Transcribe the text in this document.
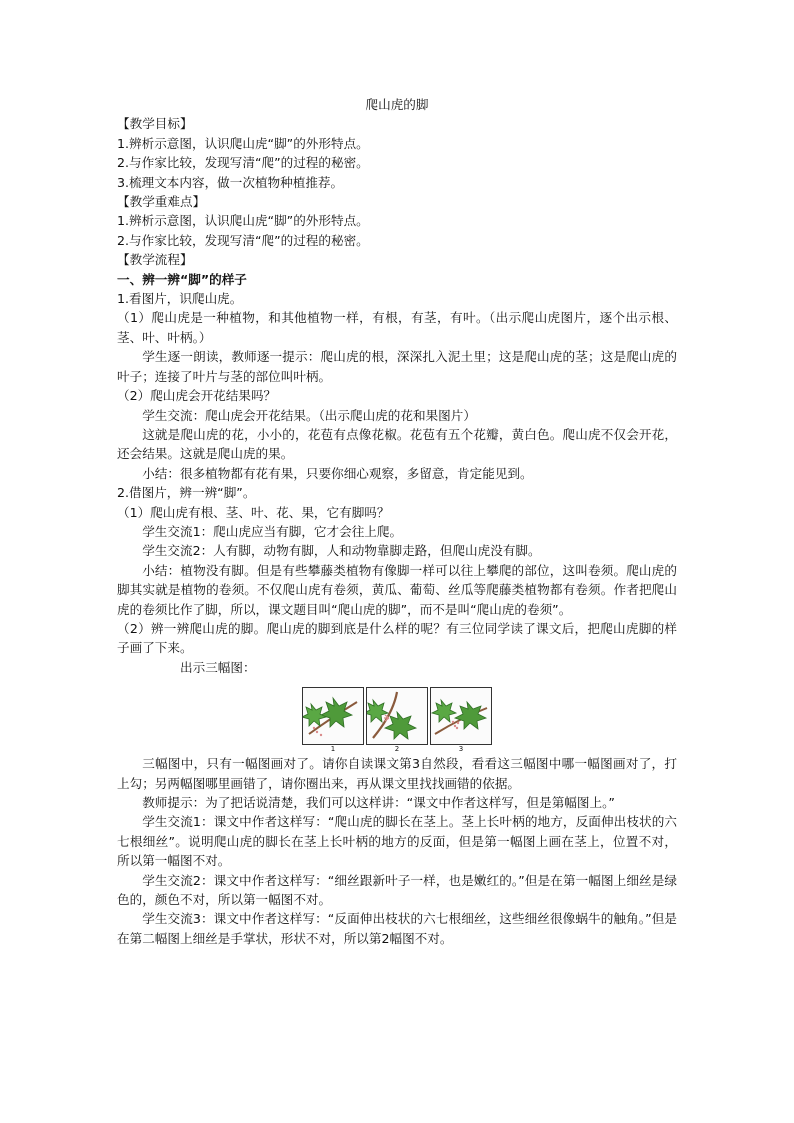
爬山虎的脚

【教学目标】

1.辨析示意图，认识爬山虎“脚”的外形特点。

2.与作家比较，发现写清“爬”的过程的秘密。

3.梳理文本内容，做一次植物种植推荐。

【教学重难点】

1.辨析示意图，认识爬山虎“脚”的外形特点。

2.与作家比较，发现写清“爬”的过程的秘密。

【教学流程】

一、辨一辨“脚”的样子

1.看图片，识爬山虎。

（1）爬山虎是一种植物，和其他植物一样，有根，有茎，有叶。（出示爬山虎图片，逐个出示根、茎、叶、叶柄。）

学生逐一朗读，教师逐一提示：爬山虎的根，深深扎入泥土里；这是爬山虎的茎；这是爬山虎的叶子；连接了叶片与茎的部位叫叶柄。

（2）爬山虎会开花结果吗？

学生交流：爬山虎会开花结果。（出示爬山虎的花和果图片）

这就是爬山虎的花，小小的，花苞有点像花椒。花苞有五个花瓣，黄白色。爬山虎不仅会开花，还会结果。这就是爬山虎的果。

小结：很多植物都有花有果，只要你细心观察，多留意，肯定能见到。

2.借图片，辨一辨“脚”。

（1）爬山虎有根、茎、叶、花、果，它有脚吗？

学生交流1：爬山虎应当有脚，它才会往上爬。

学生交流2：人有脚，动物有脚，人和动物靠脚走路，但爬山虎没有脚。

小结：植物没有脚。但是有些攀藤类植物有像脚一样可以往上攀爬的部位，这叫卷须。爬山虎的脚其实就是植物的卷须。不仅爬山虎有卷须，黄瓜、葡萄、丝瓜等爬藤类植物都有卷须。作者把爬山虎的卷须比作了脚，所以，课文题目叫“爬山虎的脚”，而不是叫“爬山虎的卷须”。

（2）辨一辨爬山虎的脚。爬山虎的脚到底是什么样的呢？有三位同学读了课文后，把爬山虎脚的样子画了下来。

出示三幅图：

1	2	3

三幅图中，只有一幅图画对了。请你自读课文第3自然段，看看这三幅图中哪一幅图画对了，打上勾；另两幅图哪里画错了，请你圈出来，再从课文里找找画错的依据。

教师提示：为了把话说清楚，我们可以这样讲：“课文中作者这样写，但是第幅图上。”

学生交流1：课文中作者这样写：“爬山虎的脚长在茎上。茎上长叶柄的地方，反面伸出枝状的六七根细丝”。说明爬山虎的脚长在茎上长叶柄的地方的反面，但是第一幅图上画在茎上，位置不对，所以第一幅图不对。

学生交流2：课文中作者这样写：“细丝跟新叶子一样，也是嫩红的。”但是在第一幅图上细丝是绿色的，颜色不对，所以第一幅图不对。

学生交流3：课文中作者这样写：“反面伸出枝状的六七根细丝，这些细丝很像蜗牛的触角。”但是在第二幅图上细丝是手掌状，形状不对，所以第2幅图不对。
